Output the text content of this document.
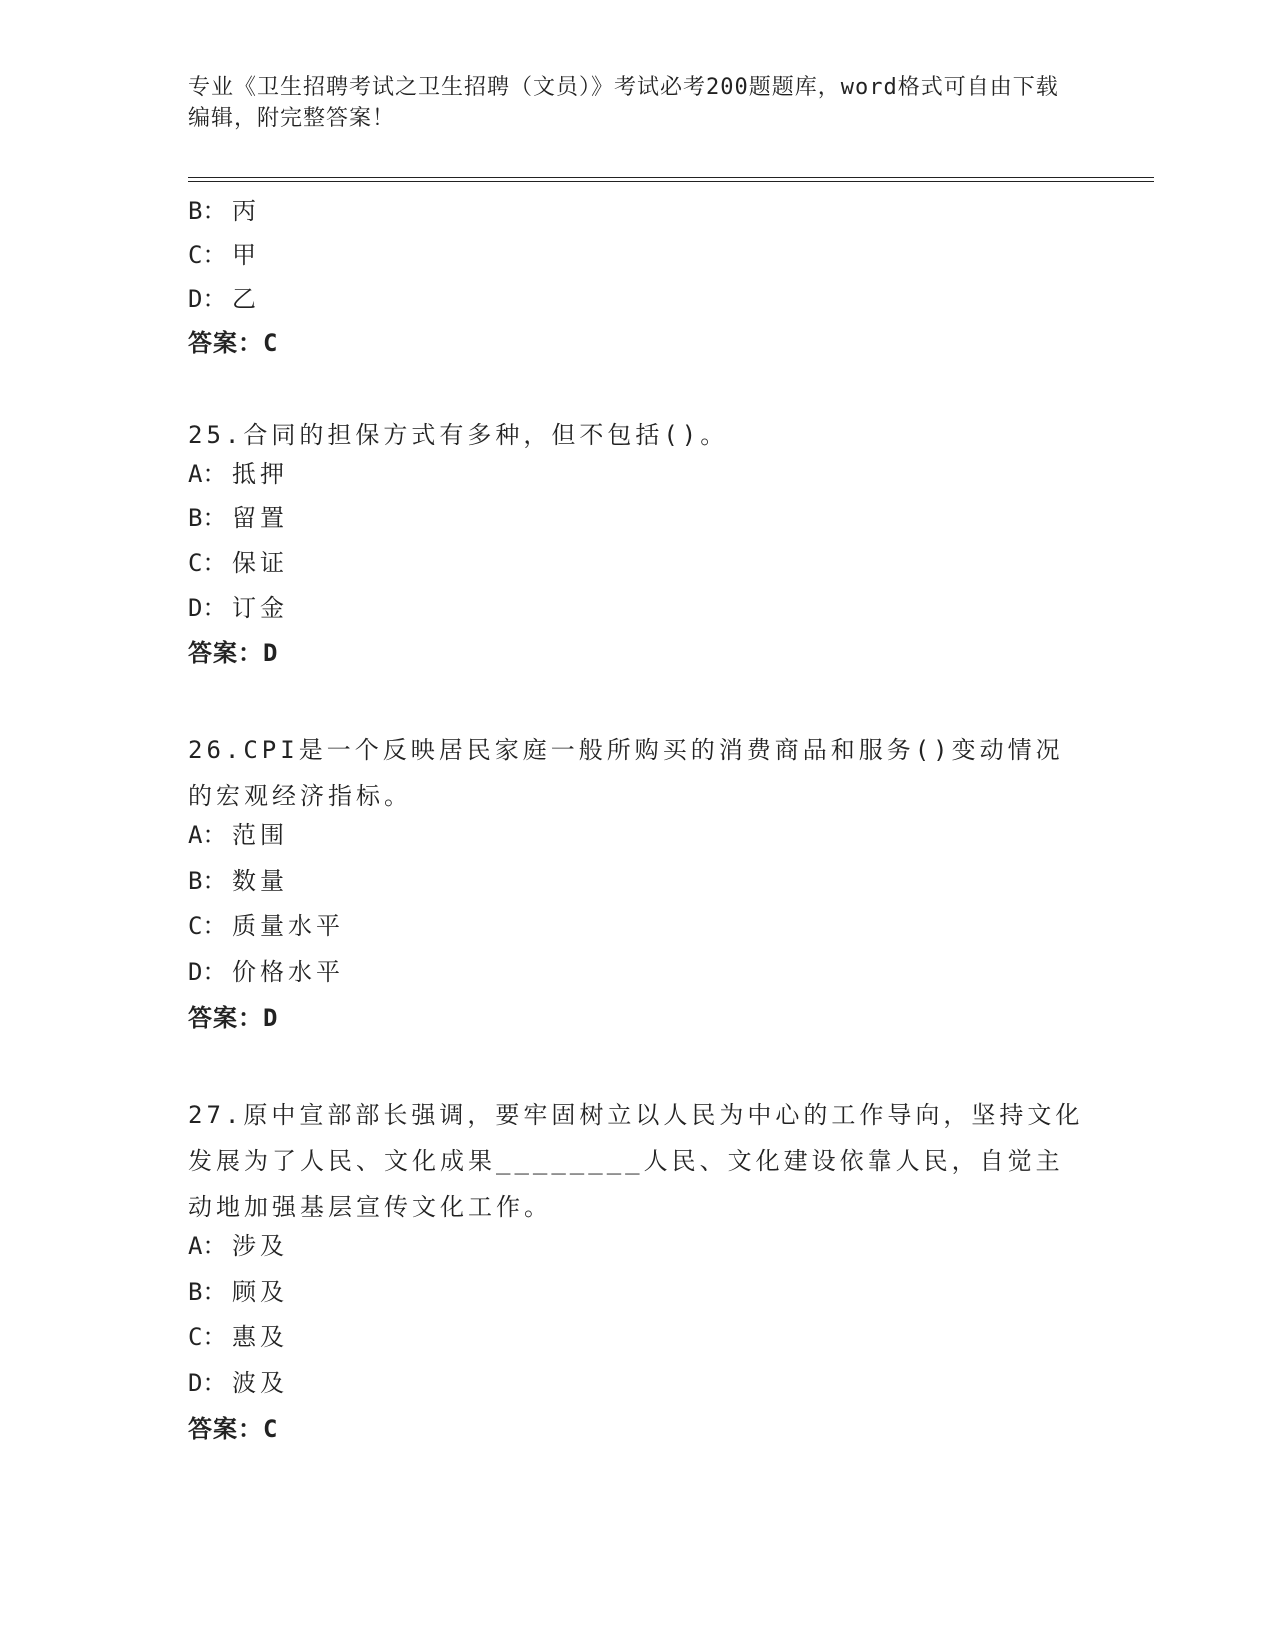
专业《卫生招聘考试之卫生招聘（文员）》考试必考200题题库，word格式可自由下载编辑，附完整答案！
B： 丙
C： 甲
D： 乙
答案：C
25.合同的担保方式有多种，但不包括()。
A： 抵押
B： 留置
C： 保证
D： 订金
答案：D
26.CPI是一个反映居民家庭一般所购买的消费商品和服务()变动情况的宏观经济指标。
A： 范围
B： 数量
C： 质量水平
D： 价格水平
答案：D
27.原中宣部部长强调，要牢固树立以人民为中心的工作导向，坚持文化发展为了人民、文化成果________人民、文化建设依靠人民，自觉主动地加强基层宣传文化工作。
A： 涉及
B： 顾及
C： 惠及
D： 波及
答案：C
